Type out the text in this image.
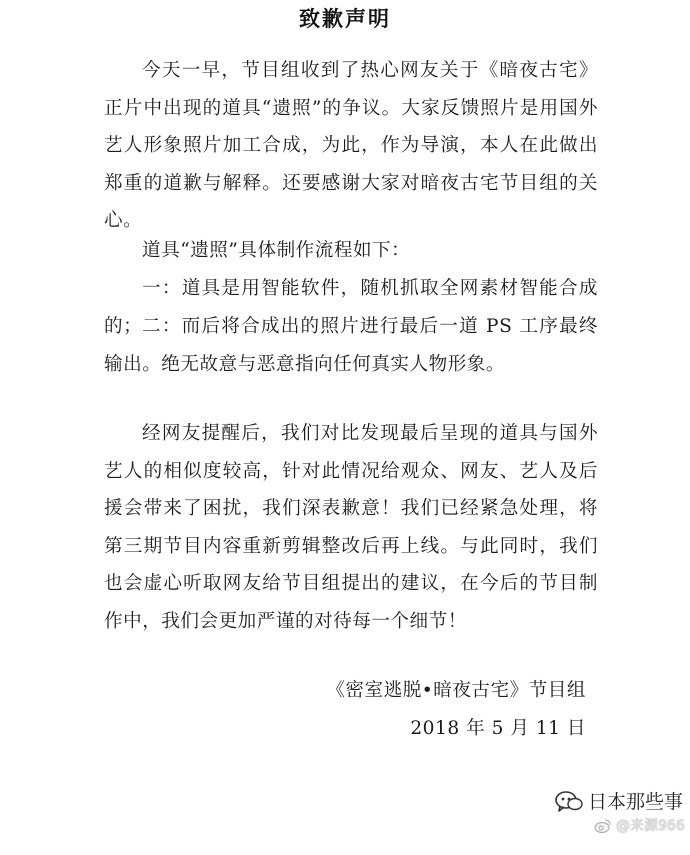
致歉声明

今天一早，节目组收到了热心网友关于《暗夜古宅》正片中出现的道具“遗照”的争议。大家反馈照片是用国外艺人形象照片加工合成，为此，作为导演，本人在此做出郑重的道歉与解释。还要感谢大家对暗夜古宅节目组的关心。

道具“遗照”具体制作流程如下：

一：道具是用智能软件，随机抓取全网素材智能合成的； 二：而后将合成出的照片进行最后一道 PS 工序最终输出。绝无故意与恶意指向任何真实人物形象。

经网友提醒后，我们对比发现最后呈现的道具与国外艺人的相似度较高，针对此情况给观众、网友、艺人及后援会带来了困扰，我们深表歉意！我们已经紧急处理，将第三期节目内容重新剪辑整改后再上线。与此同时，我们也会虚心听取网友给节目组提出的建议，在今后的节目制作中，我们会更加严谨的对待每一个细节！

《密室逃脱•暗夜古宅》节目组
2018 年 5 月 11 日
日本那些事
@来源966
